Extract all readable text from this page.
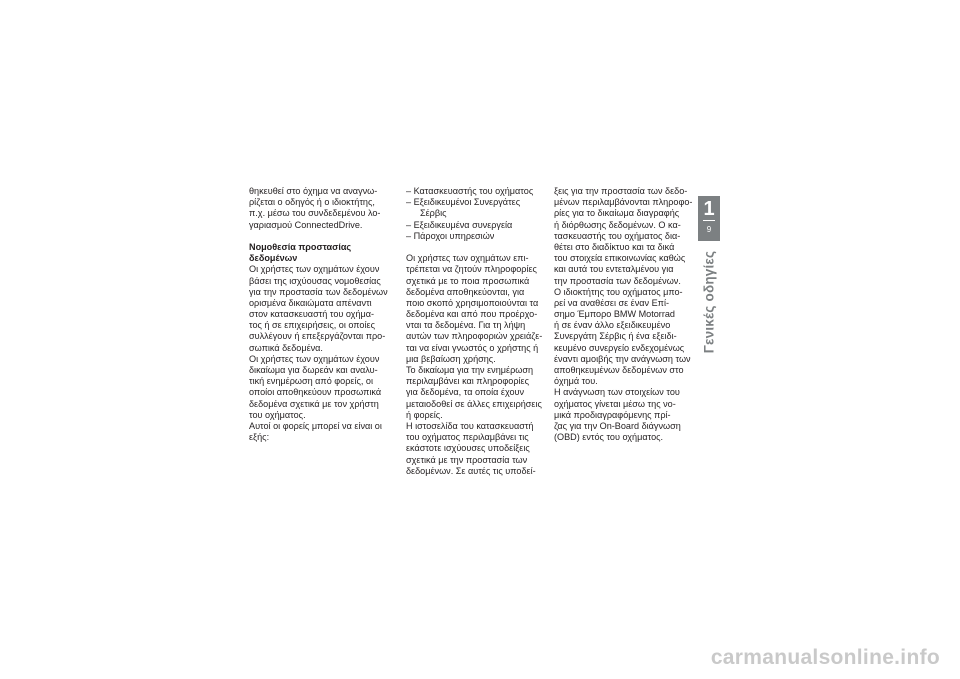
θηκευθεί στο όχημα να αναγνω-
ρίζεται ο οδηγός ή ο ιδιοκτήτης,
π.χ. μέσω του συνδεδεμένου λο-
γαριασμού ConnectedDrive.
Νομοθεσία προστασίας
δεδομένων
Οι χρήστες των οχημάτων έχουν
βάσει της ισχύουσας νομοθεσίας
για την προστασία των δεδομένων
ορισμένα δικαιώματα απέναντι
στον κατασκευαστή του οχήμα-
τος ή σε επιχειρήσεις, οι οποίες
συλλέγουν ή επεξεργάζονται προ-
σωπικά δεδομένα.
Οι χρήστες των οχημάτων έχουν
δικαίωμα για δωρεάν και αναλυ-
τική ενημέρωση από φορείς, οι
οποίοι αποθηκεύουν προσωπικά
δεδομένα σχετικά με τον χρήστη
του οχήματος.
Αυτοί οι φορείς μπορεί να είναι οι
εξής:
– Κατασκευαστής του οχήματος
– Εξειδικευμένοι Συνεργάτες
Σέρβις
– Εξειδικευμένα συνεργεία
– Πάροχοι υπηρεσιών
Οι χρήστες των οχημάτων επι-
τρέπεται να ζητούν πληροφορίες
σχετικά με το ποια προσωπικά
δεδομένα αποθηκεύονται, για
ποιο σκοπό χρησιμοποιούνται τα
δεδομένα και από που προέρχο-
νται τα δεδομένα. Για τη λήψη
αυτών των πληροφοριών χρειάζε-
ται να είναι γνωστός ο χρήστης ή
μια βεβαίωση χρήσης.
Το δικαίωμα για την ενημέρωση
περιλαμβάνει και πληροφορίες
για δεδομένα, τα οποία έχουν
μεταιοδοθεί σε άλλες επιχειρήσεις
ή φορείς.
Η ιστοσελίδα του κατασκευαστή
του οχήματος περιλαμβάνει τις
εκάστοτε ισχύουσες υποδείξεις
σχετικά με την προστασία των
δεδομένων. Σε αυτές τις υποδεί-
ξεις για την προστασία των δεδο-
μένων περιλαμβάνονται πληροφο-
ρίες για το δικαίωμα διαγραφής
ή διόρθωσης δεδομένων. Ο κα-
τασκευαστής του οχήματος δια-
θέτει στο διαδίκτυο και τα δικά
του στοιχεία επικοινωνίας καθώς
και αυτά του εντεταλμένου για
την προστασία των δεδομένων.
Ο ιδιοκτήτης του οχήματος μπο-
ρεί να αναθέσει σε έναν Επί-
σημο Έμπορο BMW Motorrad
ή σε έναν άλλο εξειδικευμένο
Συνεργάτη Σέρβις ή ένα εξειδι-
κευμένο συνεργείο ενδεχομένως
έναντι αμοιβής την ανάγνωση των
αποθηκευμένων δεδομένων στο
όχημά του.
Η ανάγνωση των στοιχείων του
οχήματος γίνεται μέσω της νο-
μικά προδιαγραφόμενης πρί-
ζας για την On-Board διάγνωση
(OBD) εντός του οχήματος.
1
9
Γενικές οδηγίες
carmanualsonline.info
